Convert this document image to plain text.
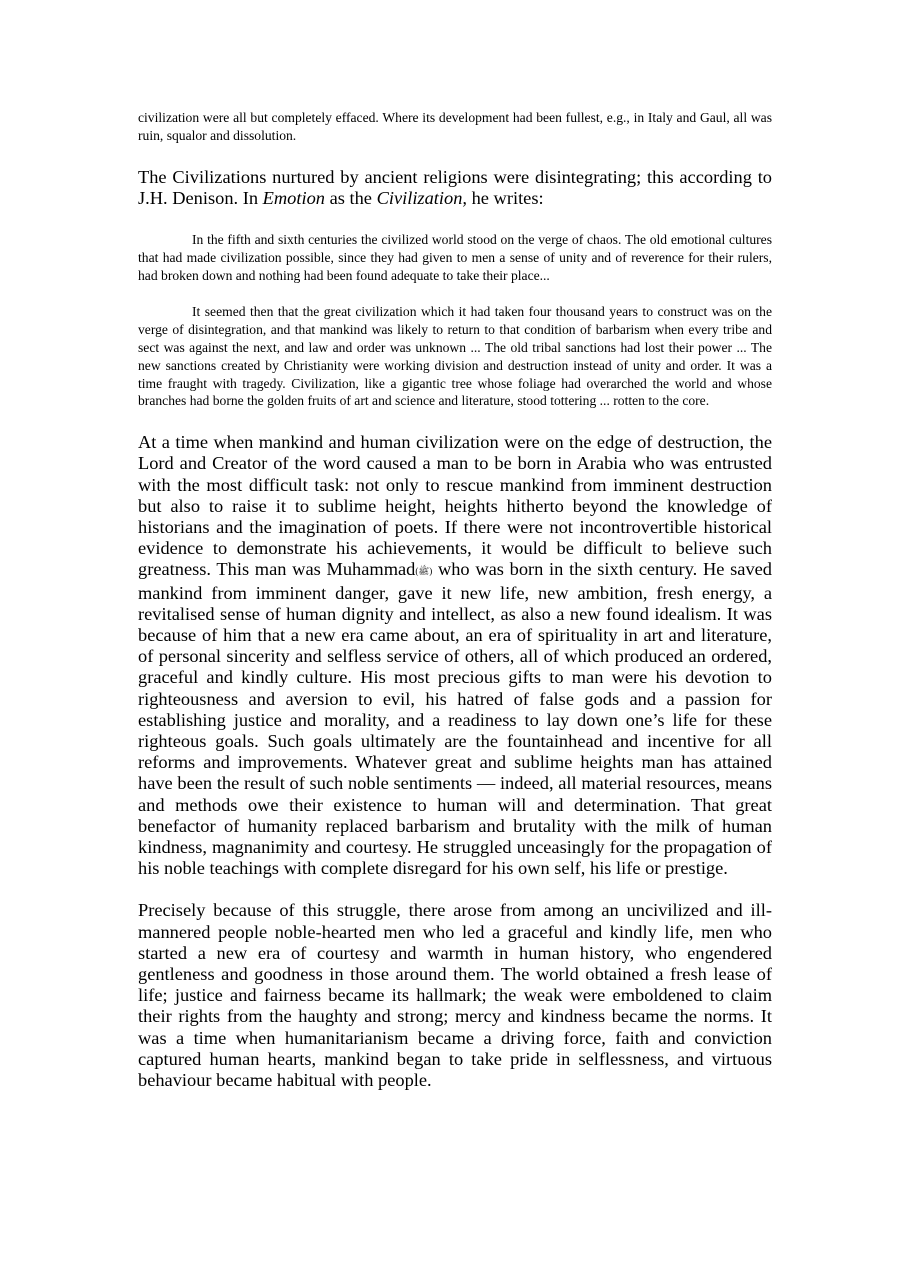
civilization were all but completely effaced. Where its development had been fullest, e.g., in Italy and Gaul, all was ruin, squalor and dissolution.

The Civilizations nurtured by ancient religions were disintegrating; this according to J.H. Denison. In Emotion as the Civilization, he writes:

In the fifth and sixth centuries the civilized world stood on the verge of chaos. The old emotional cultures that had made civilization possible, since they had given to men a sense of unity and of reverence for their rulers, had broken down and nothing had been found adequate to take their place...

It seemed then that the great civilization which it had taken four thousand years to construct was on the verge of disintegration, and that mankind was likely to return to that condition of barbarism when every tribe and sect was against the next, and law and order was unknown ... The old tribal sanctions had lost their power ... The new sanctions created by Christianity were working division and destruction instead of unity and order. It was a time fraught with tragedy. Civilization, like a gigantic tree whose foliage had overarched the world and whose branches had borne the golden fruits of art and science and literature, stood tottering ... rotten to the core.

At a time when mankind and human civilization were on the edge of destruction, the Lord and Creator of the word caused a man to be born in Arabia who was entrusted with the most difficult task: not only to rescue mankind from imminent destruction but also to raise it to sublime height, heights hitherto beyond the knowledge of historians and the imagination of poets. If there were not incontrovertible historical evidence to demonstrate his achievements, it would be difficult to believe such greatness. This man was Muhammad(ﷺ) who was born in the sixth century. He saved mankind from imminent danger, gave it new life, new ambition, fresh energy, a revitalised sense of human dignity and intellect, as also a new found idealism. It was because of him that a new era came about, an era of spirituality in art and literature, of personal sincerity and selfless service of others, all of which produced an ordered, graceful and kindly culture. His most precious gifts to man were his devotion to righteousness and aversion to evil, his hatred of false gods and a passion for establishing justice and morality, and a readiness to lay down one’s life for these righteous goals. Such goals ultimately are the fountainhead and incentive for all reforms and improvements. Whatever great and sublime heights man has attained have been the result of such noble sentiments — indeed, all material resources, means and methods owe their existence to human will and determination. That great benefactor of humanity replaced barbarism and brutality with the milk of human kindness, magnanimity and courtesy. He struggled unceasingly for the propagation of his noble teachings with complete disregard for his own self, his life or prestige.

Precisely because of this struggle, there arose from among an uncivilized and ill-mannered people noble-hearted men who led a graceful and kindly life, men who started a new era of courtesy and warmth in human history, who engendered gentleness and goodness in those around them. The world obtained a fresh lease of life; justice and fairness became its hallmark; the weak were emboldened to claim their rights from the haughty and strong; mercy and kindness became the norms. It was a time when humanitarianism became a driving force, faith and conviction captured human hearts, mankind began to take pride in selflessness, and virtuous behaviour became habitual with people.
